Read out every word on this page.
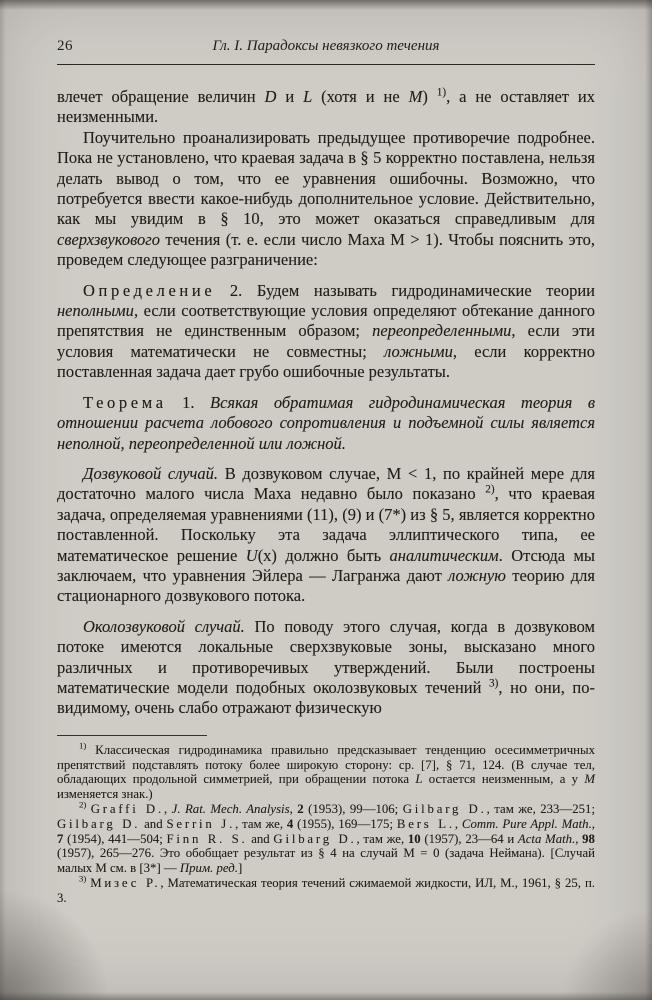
26	Гл. I. Парадоксы невязкого течения

влечет обращение величин D и L (хотя и не М) $^{1)}$, а не оставляет их неизменными.

Поучительно проанализировать предыдущее противоречие подробнее. Пока не установлено, что краевая задача в § 5 корректно поставлена, нельзя делать вывод о том, что ее уравнения ошибочны. Возможно, что потребуется ввести какое-нибудь дополнительное условие. Действительно, как мы увидим в § 10, это может оказаться справедливым для сверхзвукового течения (т. е. если число Маха М > 1). Чтобы пояснить это, проведем следующее разграничение:

Определение 2. Будем называть гидродинамические теории неполными, если соответствующие условия определяют обтекание данного препятствия не единственным образом; переопределенными, если эти условия математически не совместны; ложными, если корректно поставленная задача дает грубо ошибочные результаты.

Теорема 1. Всякая обратимая гидродинамическая теория в отношении расчета лобового сопротивления и подъемной силы является неполной, переопределенной или ложной.

Дозвуковой случай. В дозвуковом случае, М < 1, по крайней мере для достаточно малого числа Маха недавно было показано $^{2)}$, что краевая задача, определяемая уравнениями (11), (9) и (7*) из § 5, является корректно поставленной. Поскольку эта задача эллиптического типа, ее математическое решение U(x) должно быть аналитическим. Отсюда мы заключаем, что уравнения Эйлера — Лагранжа дают ложную теорию для стационарного дозвукового потока.

Околозвуковой случай. По поводу этого случая, когда в дозвуковом потоке имеются локальные сверхзвуковые зоны, высказано много различных и противоречивых утверждений. Были построены математические модели подобных околозвуковых течений $^{3)}$, но они, по-видимому, очень слабо отражают физическую

$^{1)}$ Классическая гидродинамика правильно предсказывает тенденцию осесимметричных препятствий подставлять потоку более широкую сторону: ср. [7], § 71, 124. (В случае тел, обладающих продольной симметрией, при обращении потока L остается неизменным, а у М изменяется знак.)

$^{2)}$ Graffi D., J. Rat. Mech. Analysis, 2 (1953), 99—106; Gilbarg D., там же, 233—251; Gilbarg D. and Serrin J., там же, 4 (1955), 169—175; Bers L., Comm. Pure Appl. Math., 7 (1954), 441—504; Finn R. S. and Gilbarg D., там же, 10 (1957), 23—64 и Acta Math., 98 (1957), 265—276. Это обобщает результат из § 4 на случай М = 0 (задача Неймана). [Случай малых М см. в [3*] — Прим. ред.]

$^{3)}$ Мизес Р., Математическая теория течений сжимаемой жидкости, ИЛ, М., 1961, § 25, п. 3.
